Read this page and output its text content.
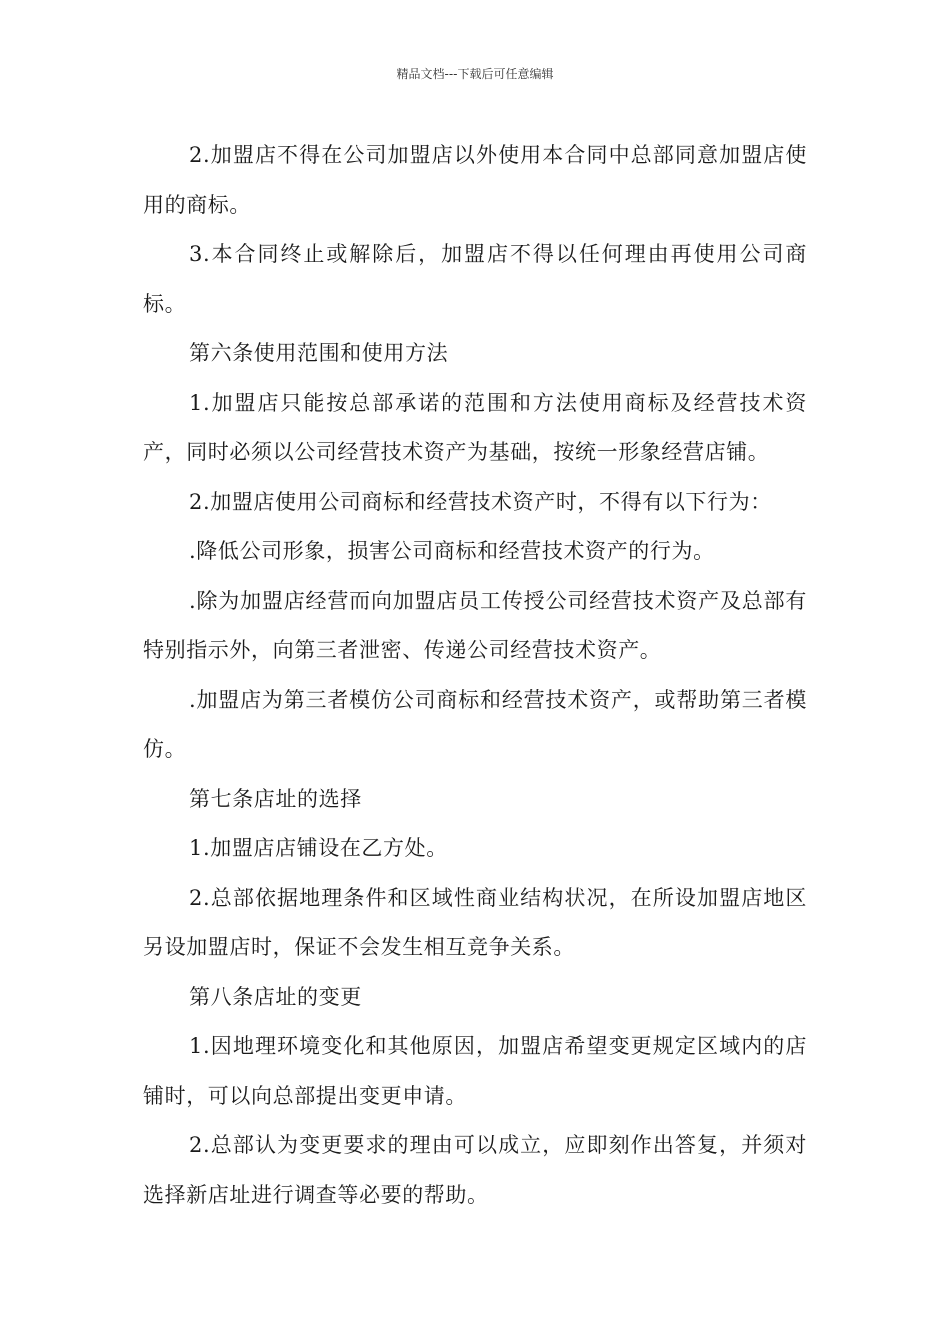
精品文档---下载后可任意编辑

2.加盟店不得在公司加盟店以外使用本合同中总部同意加盟店使用的商标。

3.本合同终止或解除后，加盟店不得以任何理由再使用公司商标。

第六条使用范围和使用方法

1.加盟店只能按总部承诺的范围和方法使用商标及经营技术资产，同时必须以公司经营技术资产为基础，按统一形象经营店铺。

2.加盟店使用公司商标和经营技术资产时，不得有以下行为：

.降低公司形象，损害公司商标和经营技术资产的行为。

.除为加盟店经营而向加盟店员工传授公司经营技术资产及总部有特别指示外，向第三者泄密、传递公司经营技术资产。

.加盟店为第三者模仿公司商标和经营技术资产，或帮助第三者模仿。

第七条店址的选择

1.加盟店店铺设在乙方处。

2.总部依据地理条件和区域性商业结构状况，在所设加盟店地区另设加盟店时，保证不会发生相互竞争关系。

第八条店址的变更

1.因地理环境变化和其他原因，加盟店希望变更规定区域内的店铺时，可以向总部提出变更申请。

2.总部认为变更要求的理由可以成立，应即刻作出答复，并须对选择新店址进行调查等必要的帮助。
